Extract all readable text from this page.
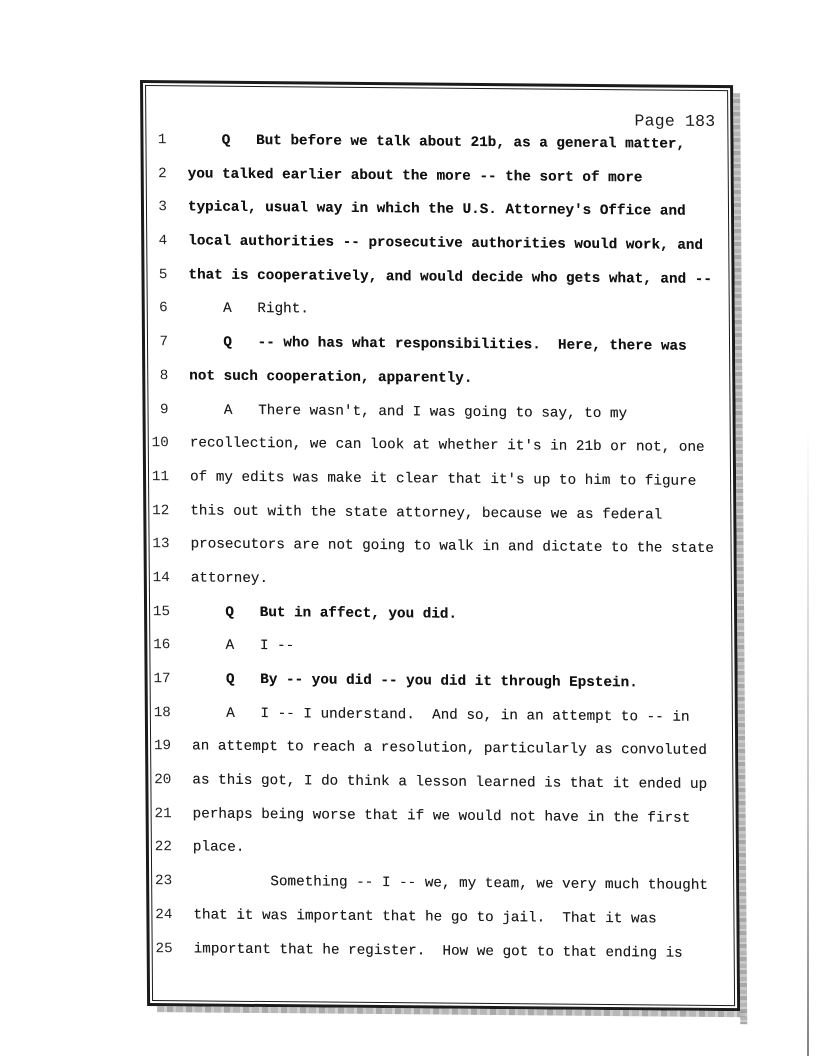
Page 183
1 Q   But before we talk about 21b, as a general matter,
2 you talked earlier about the more -- the sort of more
3 typical, usual way in which the U.S. Attorney's Office and
4 local authorities -- prosecutive authorities would work, and
5 that is cooperatively, and would decide who gets what, and --
6 A   Right.
7 Q   -- who has what responsibilities.  Here, there was
8 not such cooperation, apparently.
9 A   There wasn't, and I was going to say, to my
10 recollection, we can look at whether it's in 21b or not, one
11 of my edits was make it clear that it's up to him to figure
12 this out with the state attorney, because we as federal
13 prosecutors are not going to walk in and dictate to the state
14 attorney.
15 Q   But in affect, you did.
16 A   I --
17 Q   By -- you did -- you did it through Epstein.
18 A   I -- I understand.  And so, in an attempt to -- in
19 an attempt to reach a resolution, particularly as convoluted
20 as this got, I do think a lesson learned is that it ended up
21 perhaps being worse that if we would not have in the first
22 place.
23 Something -- I -- we, my team, we very much thought
24 that it was important that he go to jail.  That it was
25 important that he register.  How we got to that ending is
